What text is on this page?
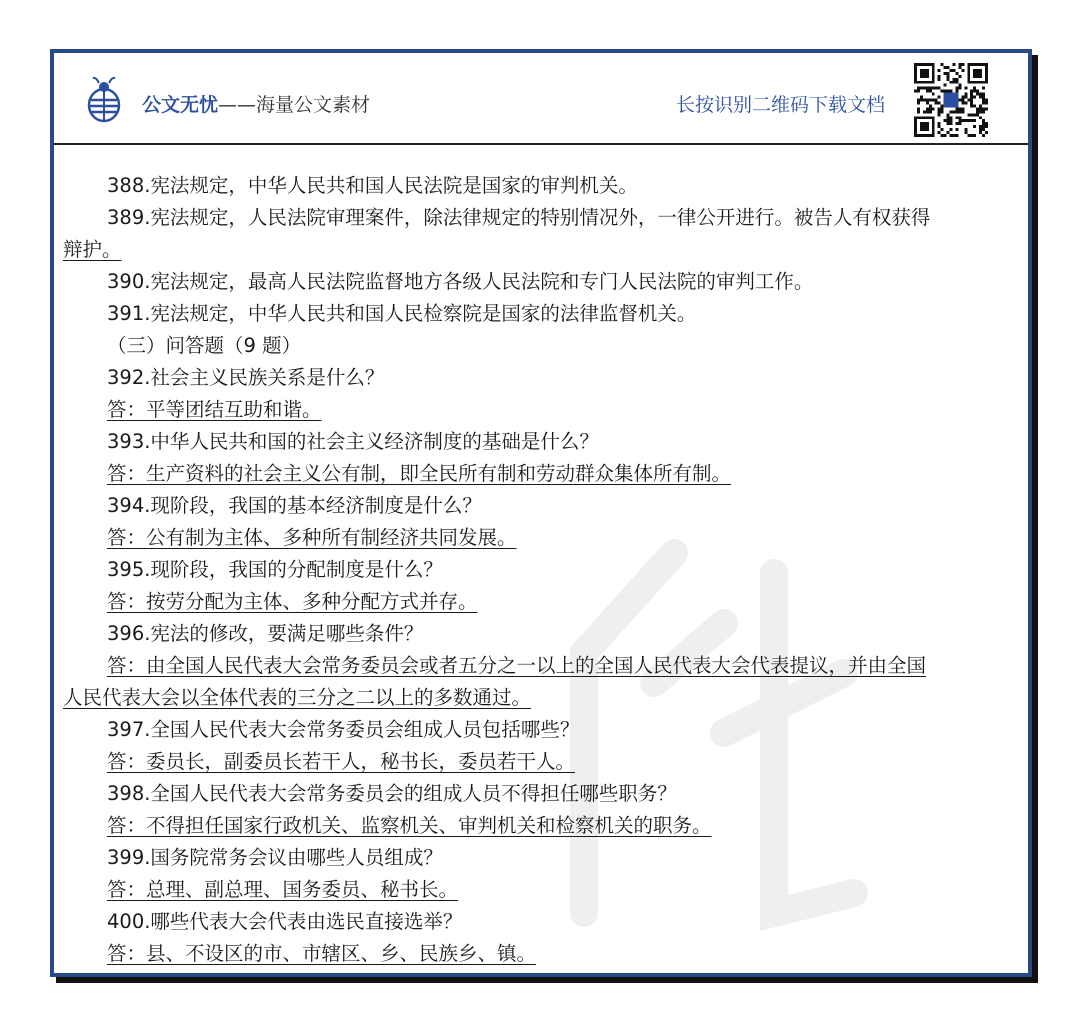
公文无忧——海量公文素材	长按识别二维码下载文档
388.宪法规定，中华人民共和国人民法院是国家的审判机关。
389.宪法规定，人民法院审理案件，除法律规定的特别情况外，一律公开进行。被告人有权获得
辩护。
390.宪法规定，最高人民法院监督地方各级人民法院和专门人民法院的审判工作。
391.宪法规定，中华人民共和国人民检察院是国家的法律监督机关。
（三）问答题（9 题）
392.社会主义民族关系是什么？
答：平等团结互助和谐。
393.中华人民共和国的社会主义经济制度的基础是什么？
答：生产资料的社会主义公有制，即全民所有制和劳动群众集体所有制。
394.现阶段，我国的基本经济制度是什么？
答：公有制为主体、多种所有制经济共同发展。
395.现阶段，我国的分配制度是什么？
答：按劳分配为主体、多种分配方式并存。
396.宪法的修改，要满足哪些条件？
答：由全国人民代表大会常务委员会或者五分之一以上的全国人民代表大会代表提议，并由全国
人民代表大会以全体代表的三分之二以上的多数通过。
397.全国人民代表大会常务委员会组成人员包括哪些？
答：委员长，副委员长若干人，秘书长，委员若干人。
398.全国人民代表大会常务委员会的组成人员不得担任哪些职务？
答：不得担任国家行政机关、监察机关、审判机关和检察机关的职务。
399.国务院常务会议由哪些人员组成？
答：总理、副总理、国务委员、秘书长。
400.哪些代表大会代表由选民直接选举？
答：县、不设区的市、市辖区、乡、民族乡、镇。
